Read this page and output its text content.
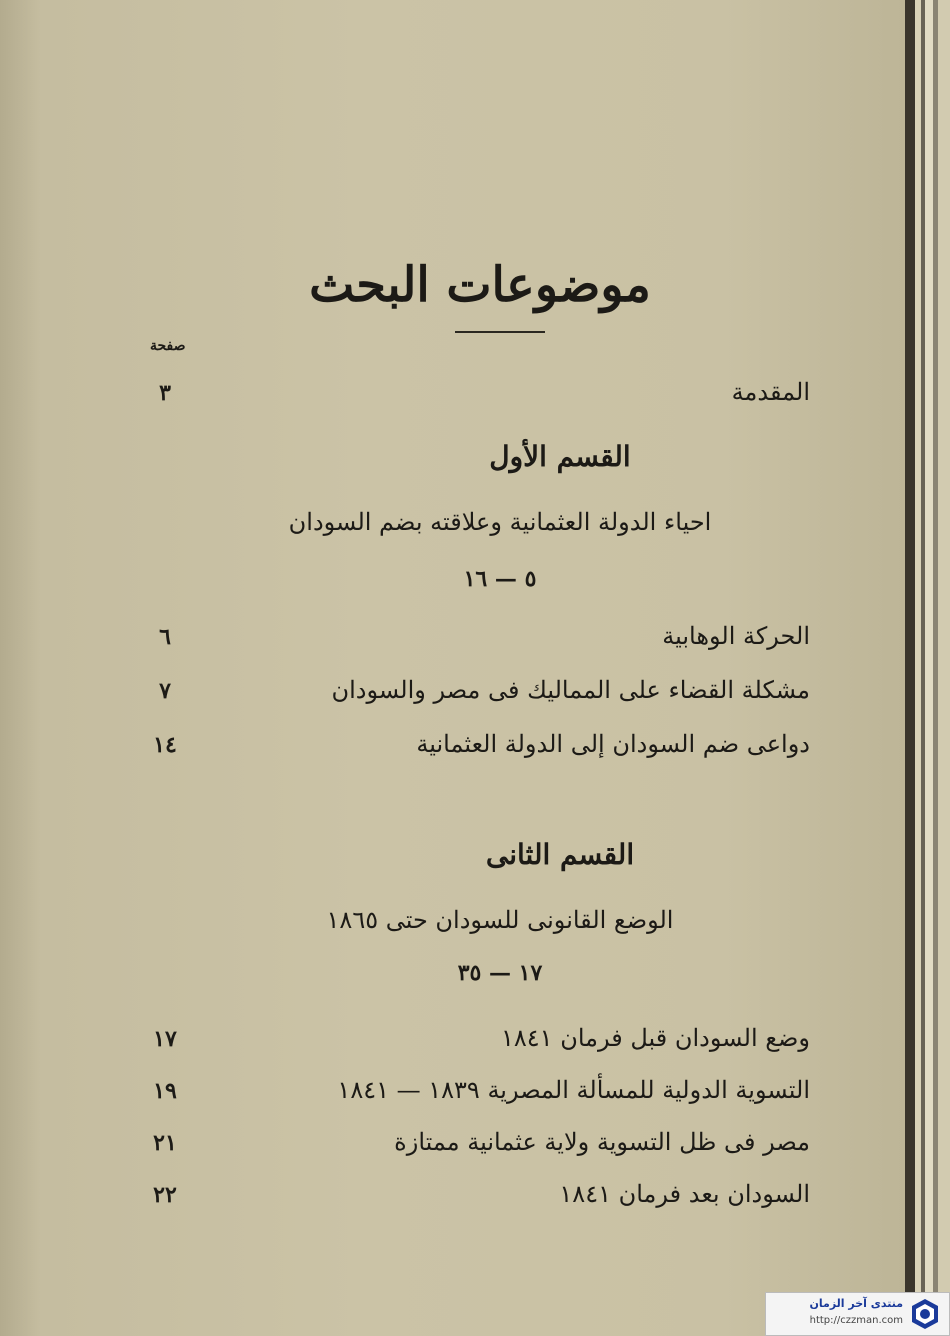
موضوعات البحث
صفحة
المقدمة
٣
القسم الأول
احياء الدولة العثمانية وعلاقته بضم السودان
٥ — ١٦
الحركة الوهابية
٦
مشكلة القضاء على المماليك فى مصر والسودان
٧
دواعى ضم السودان إلى الدولة العثمانية
١٤
القسم الثانى
الوضع القانونى للسودان حتى ١٨٦٥
١٧ — ٣٥
وضع السودان قبل فرمان ١٨٤١
١٧
التسوية الدولية للمسألة المصرية ١٨٣٩ — ١٨٤١
١٩
مصر فى ظل التسوية ولاية عثمانية ممتازة
٢١
السودان بعد فرمان ١٨٤١
٢٢
منتدى آخر الزمان
http://czzman.com
